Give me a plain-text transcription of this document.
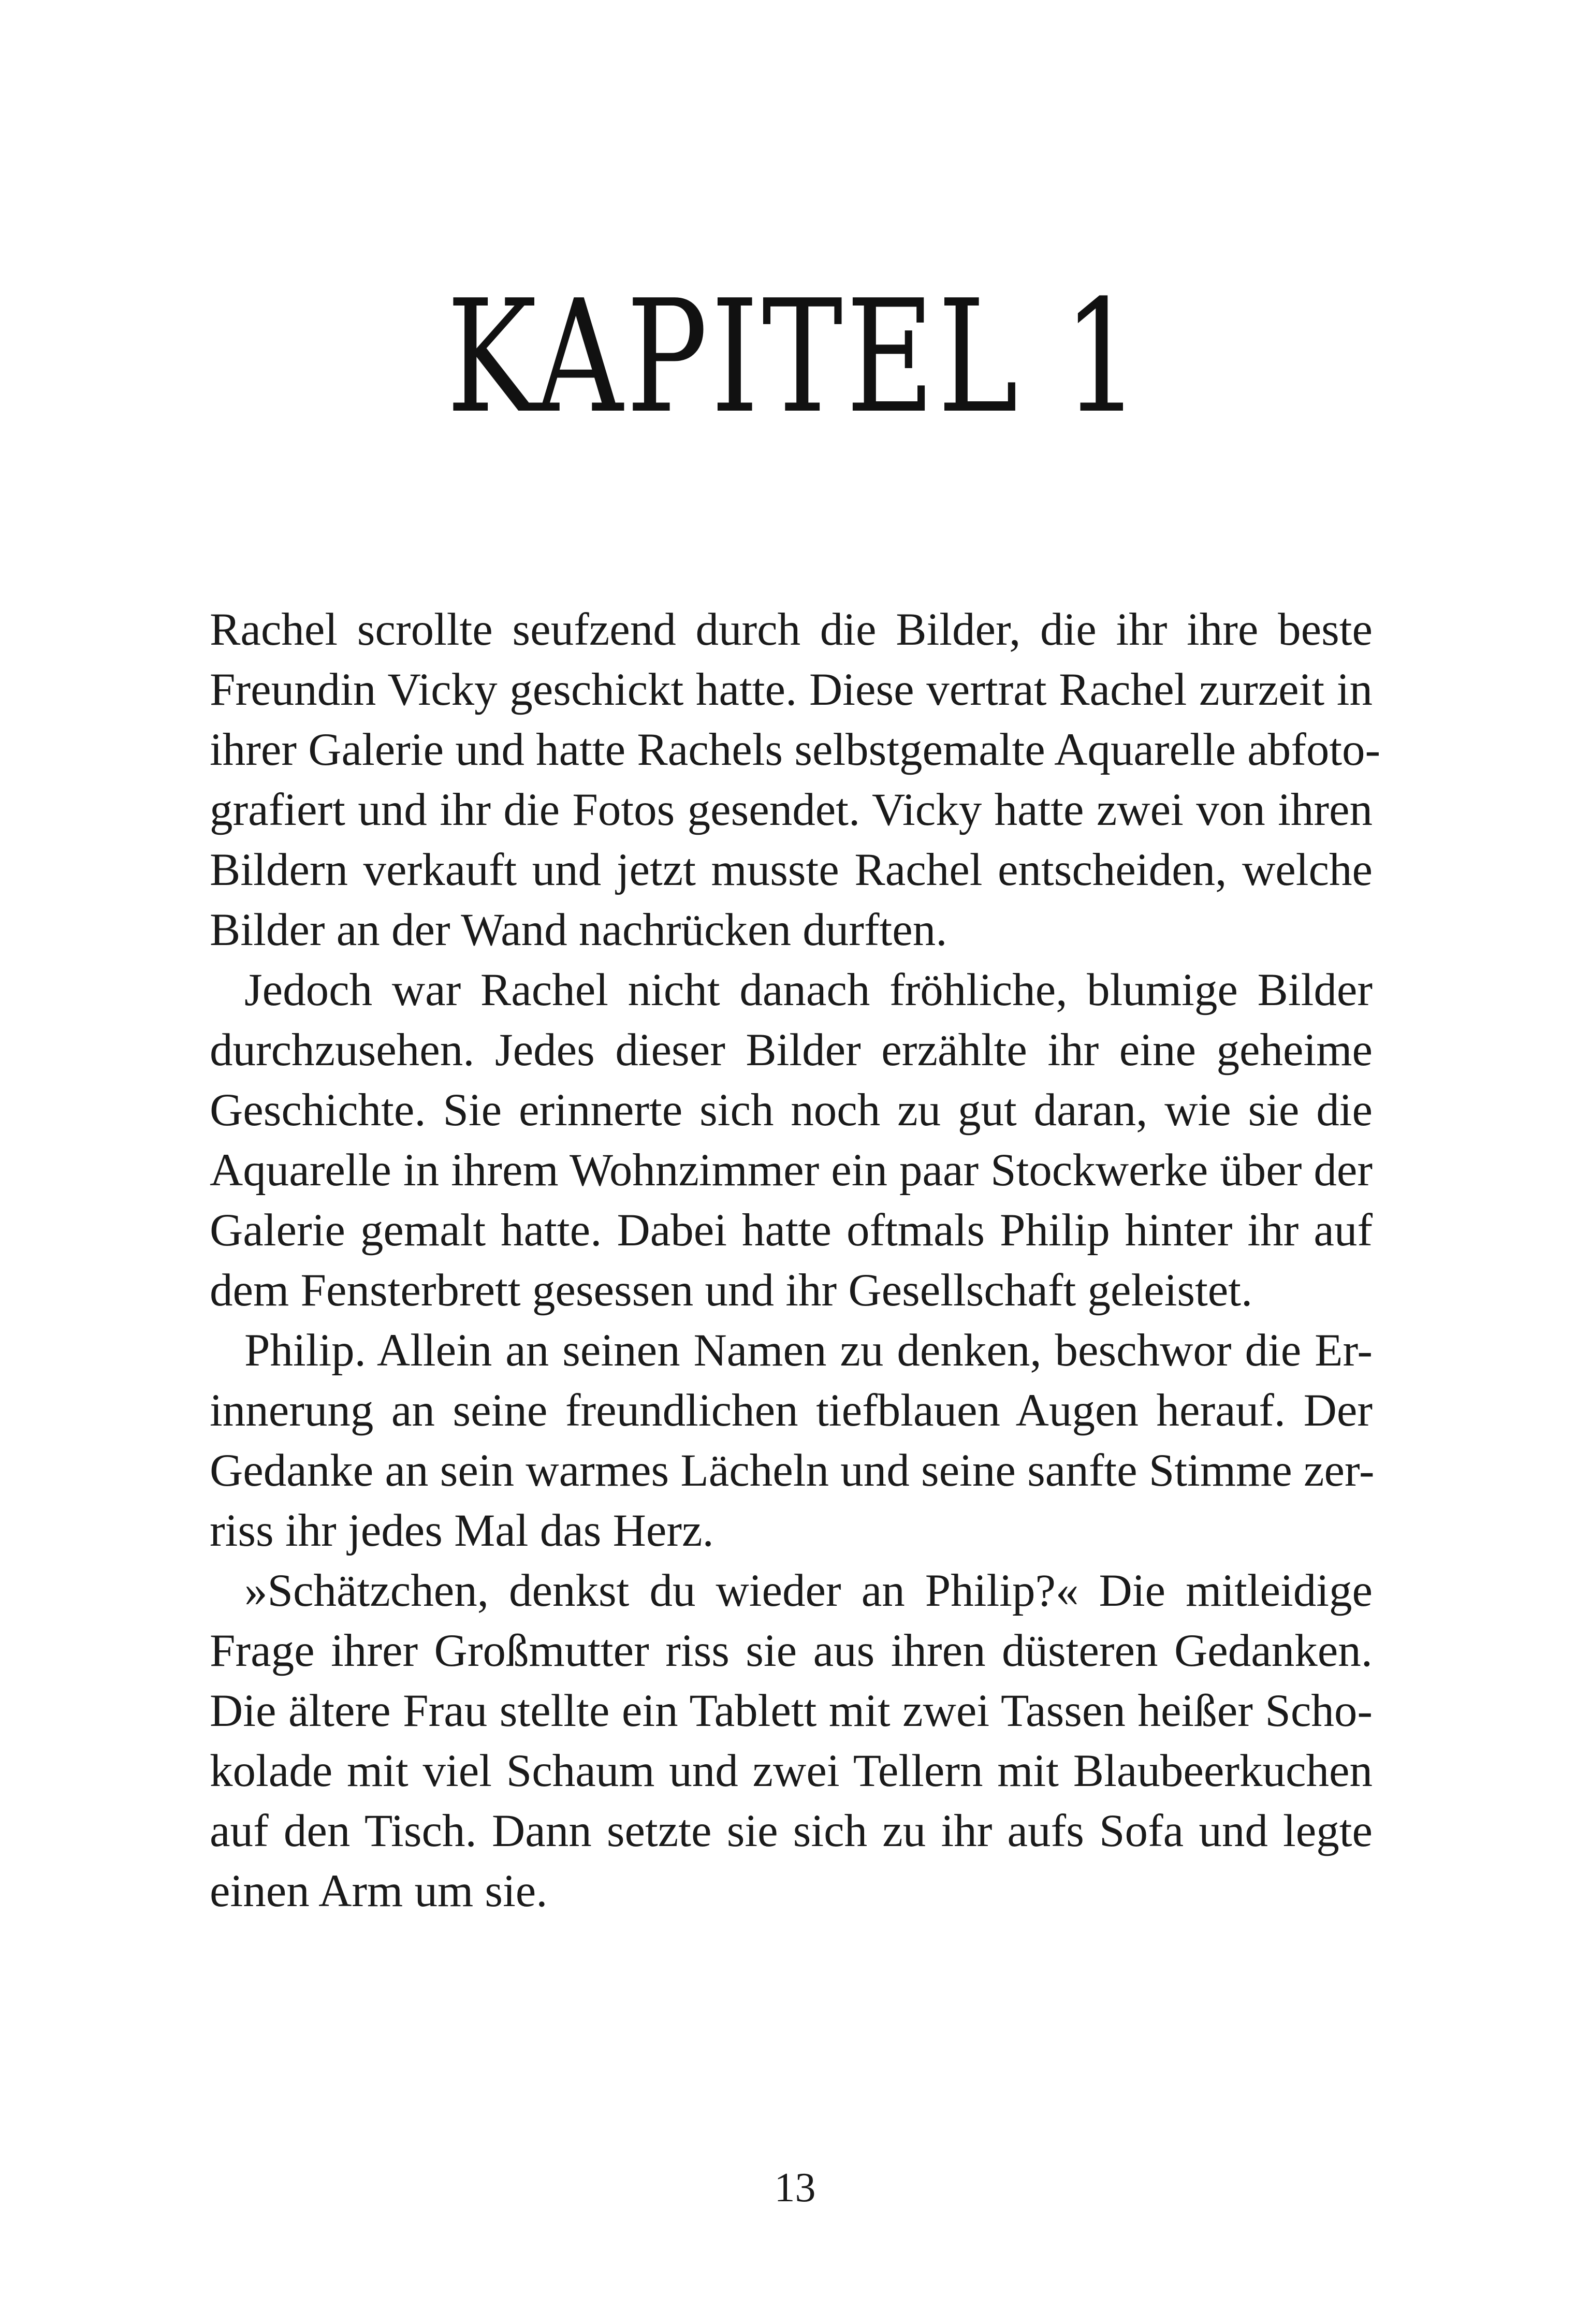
KAPITEL 1
Rachel scrollte seufzend durch die Bilder, die ihr ihre beste
Freundin Vicky geschickt hatte. Diese vertrat Rachel zurzeit in
ihrer Galerie und hatte Rachels selbstgemalte Aquarelle abfoto-
grafiert und ihr die Fotos gesendet. Vicky hatte zwei von ihren
Bildern verkauft und jetzt musste Rachel entscheiden, welche
Bilder an der Wand nachrücken durften.
Jedoch war Rachel nicht danach fröhliche, blumige Bilder
durchzusehen. Jedes dieser Bilder erzählte ihr eine geheime
Geschichte. Sie erinnerte sich noch zu gut daran, wie sie die
Aquarelle in ihrem Wohnzimmer ein paar Stockwerke über der
Galerie gemalt hatte. Dabei hatte oftmals Philip hinter ihr auf
dem Fensterbrett gesessen und ihr Gesellschaft geleistet.
Philip. Allein an seinen Namen zu denken, beschwor die Er-
innerung an seine freundlichen tiefblauen Augen herauf. Der
Gedanke an sein warmes Lächeln und seine sanfte Stimme zer-
riss ihr jedes Mal das Herz.
»Schätzchen, denkst du wieder an Philip?« Die mitleidige
Frage ihrer Großmutter riss sie aus ihren düsteren Gedanken.
Die ältere Frau stellte ein Tablett mit zwei Tassen heißer Scho-
kolade mit viel Schaum und zwei Tellern mit Blaubeerkuchen
auf den Tisch. Dann setzte sie sich zu ihr aufs Sofa und legte
einen Arm um sie.
13
